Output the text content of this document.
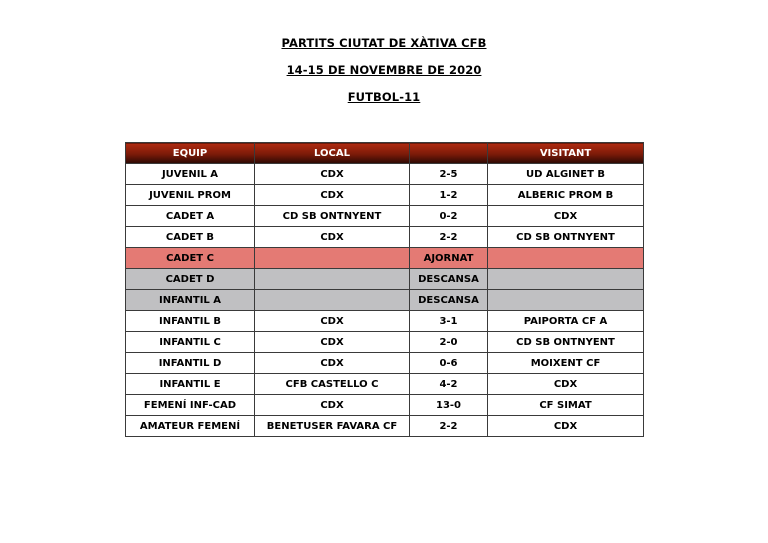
PARTITS CIUTAT DE XÀTIVA CFB
14-15 DE NOVEMBRE DE 2020
FUTBOL-11
EQUIP	LOCAL		VISITANT
JUVENIL A	CDX	2-5	UD ALGINET B
JUVENIL PROM	CDX	1-2	ALBERIC PROM B
CADET A	CD SB ONTNYENT	0-2	CDX
CADET B	CDX	2-2	CD SB ONTNYENT
CADET C		AJORNAT	
CADET D		DESCANSA	
INFANTIL A		DESCANSA	
INFANTIL B	CDX	3-1	PAIPORTA CF A
INFANTIL C	CDX	2-0	CD SB ONTNYENT
INFANTIL D	CDX	0-6	MOIXENT CF
INFANTIL E	CFB CASTELLO C	4-2	CDX
FEMENÍ INF-CAD	CDX	13-0	CF SIMAT
AMATEUR FEMENÍ	BENETUSER FAVARA CF	2-2	CDX
